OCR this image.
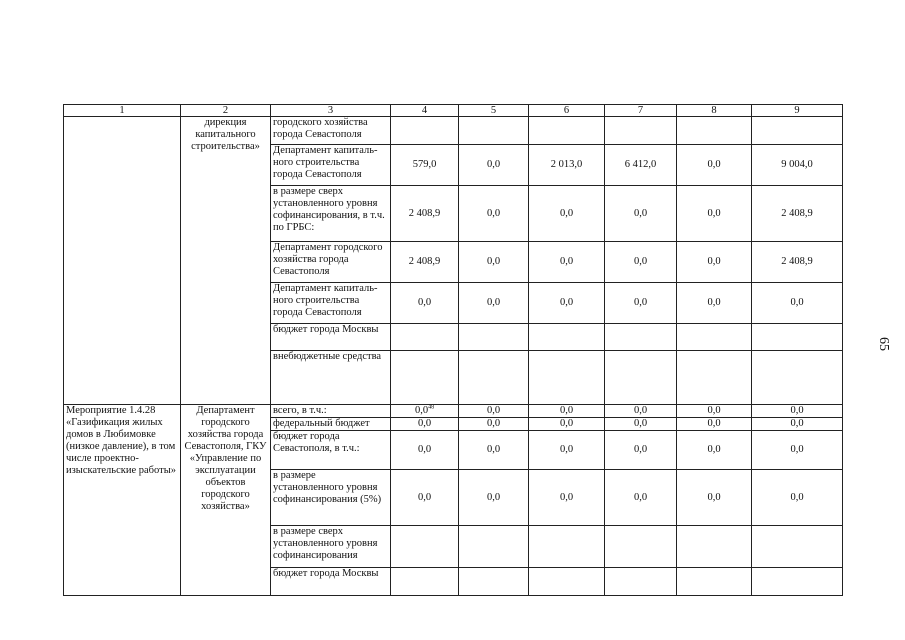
1	2	3	4	5	6	7	8	9
	дирекция капитального строительства»	городского хозяйства города Севастополя						
		Департамент капиталь-ного строительства города Севастополя	579,0	0,0	2 013,0	6 412,0	0,0	9 004,0
		в размере сверх установленного уровня софинансирования, в т.ч. по ГРБС:	2 408,9	0,0	0,0	0,0	0,0	2 408,9
		Департамент городского хозяйства города Севастополя	2 408,9	0,0	0,0	0,0	0,0	2 408,9
		Департамент капиталь-ного строительства города Севастополя	0,0	0,0	0,0	0,0	0,0	0,0
		бюджет города Москвы						
		внебюджетные средства						
Мероприятие 1.4.28 «Газификация жилых домов в Любимовке (низкое давление), в том числе проектно-изыскательские работы»	Департамент городского хозяйства города Севастополя, ГКУ «Управление по эксплуатации объектов городского хозяйства»	всего, в т.ч.:	$0,0^{48}$	0,0	0,0	0,0	0,0	0,0
		федеральный бюджет	0,0	0,0	0,0	0,0	0,0	0,0
		бюджет города Севастополя, в т.ч.:	0,0	0,0	0,0	0,0	0,0	0,0
		в размере установленного уровня софинансирования (5%)	0,0	0,0	0,0	0,0	0,0	0,0
		в размере сверх установленного уровня софинансирования						
		бюджет города Москвы						
65
